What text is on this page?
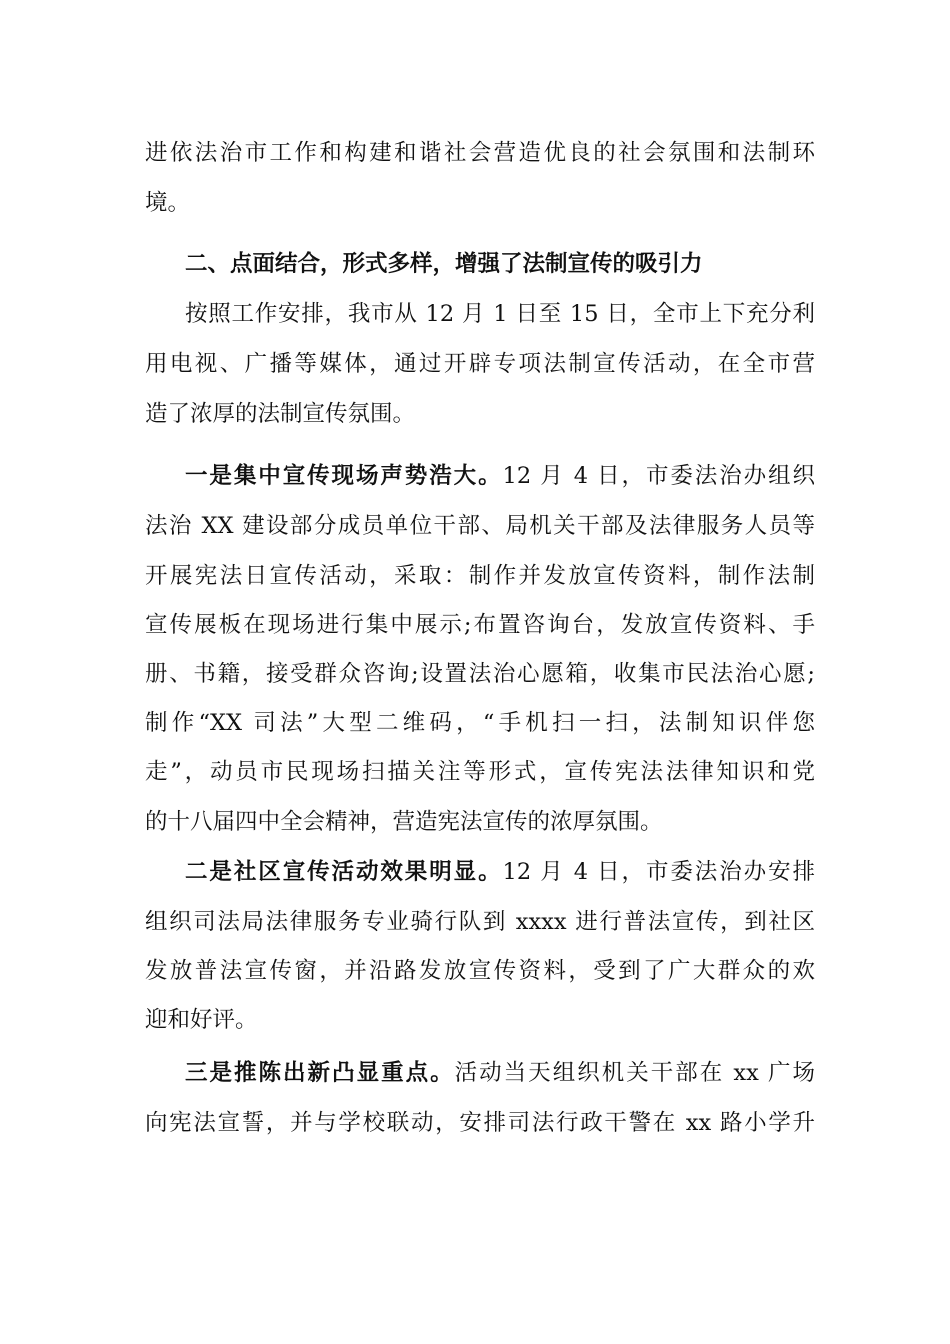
进依法治市工作和构建和谐社会营造优良的社会氛围和法制环

境。

二、点面结合，形式多样，增强了法制宣传的吸引力

按照工作安排，我市从 12 月 1 日至 15 日，全市上下充分利

用电视、广播等媒体，通过开辟专项法制宣传活动，在全市营

造了浓厚的法制宣传氛围。

一是集中宣传现场声势浩大。12 月 4 日，市委法治办组织

法治 XX 建设部分成员单位干部、局机关干部及法律服务人员等

开展宪法日宣传活动，采取：制作并发放宣传资料，制作法制

宣传展板在现场进行集中展示;布置咨询台，发放宣传资料、手

册、书籍，接受群众咨询;设置法治心愿箱，收集市民法治心愿;

制作“XX 司法”大型二维码，“手机扫一扫，法制知识伴您

走”，动员市民现场扫描关注等形式，宣传宪法法律知识和党

的十八届四中全会精神，营造宪法宣传的浓厚氛围。

二是社区宣传活动效果明显。12 月 4 日，市委法治办安排

组织司法局法律服务专业骑行队到 xxxx 进行普法宣传，到社区

发放普法宣传窗，并沿路发放宣传资料，受到了广大群众的欢

迎和好评。

三是推陈出新凸显重点。活动当天组织机关干部在 xx 广场

向宪法宣誓，并与学校联动，安排司法行政干警在 xx 路小学升
